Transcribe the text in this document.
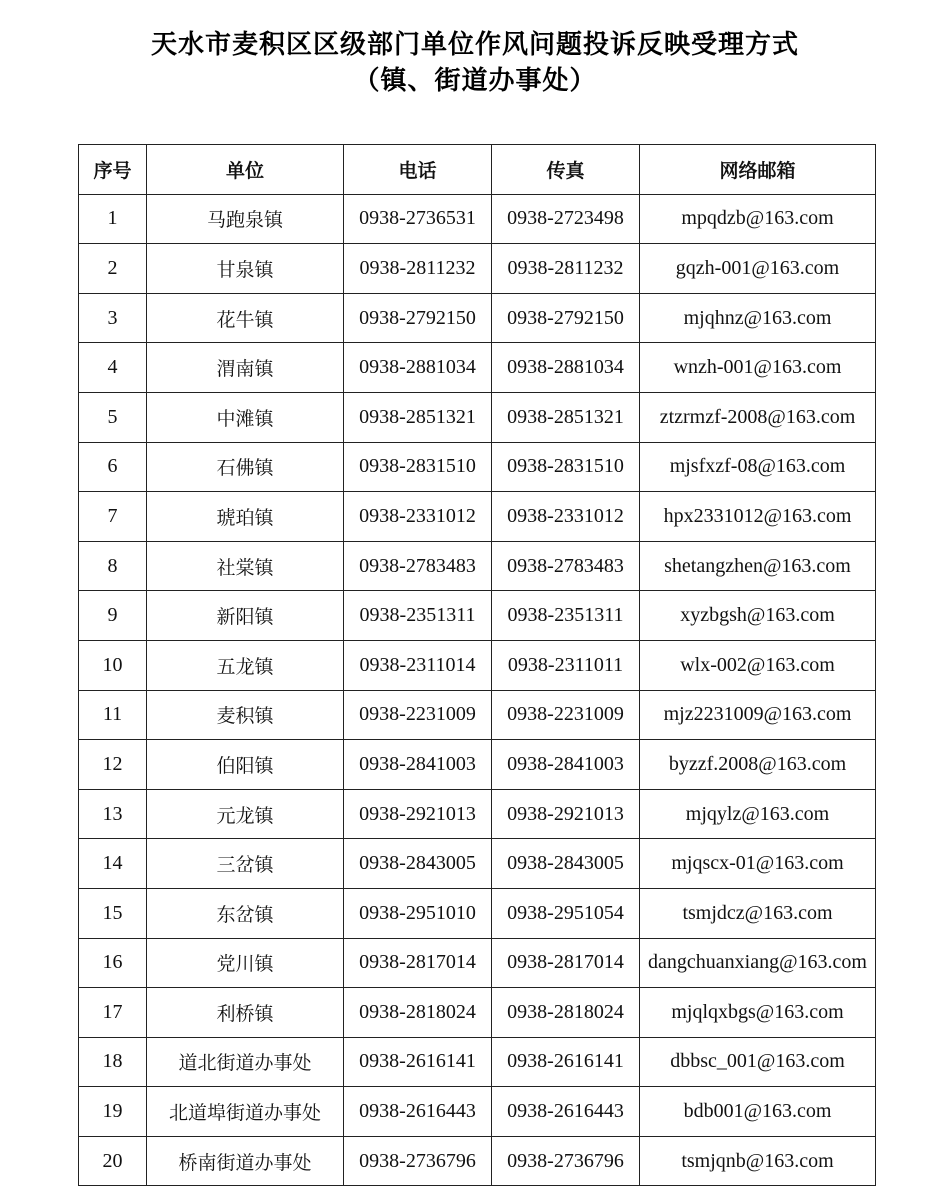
天水市麦积区区级部门单位作风问题投诉反映受理方式
（镇、街道办事处）
序号	单位	电话	传真	网络邮箱
1	马跑泉镇	0938-2736531	0938-2723498	mpqdzb@163.com
2	甘泉镇	0938-2811232	0938-2811232	gqzh-001@163.com
3	花牛镇	0938-2792150	0938-2792150	mjqhnz@163.com
4	渭南镇	0938-2881034	0938-2881034	wnzh-001@163.com
5	中滩镇	0938-2851321	0938-2851321	ztzrmzf-2008@163.com
6	石佛镇	0938-2831510	0938-2831510	mjsfxzf-08@163.com
7	琥珀镇	0938-2331012	0938-2331012	hpx2331012@163.com
8	社棠镇	0938-2783483	0938-2783483	shetangzhen@163.com
9	新阳镇	0938-2351311	0938-2351311	xyzbgsh@163.com
10	五龙镇	0938-2311014	0938-2311011	wlx-002@163.com
11	麦积镇	0938-2231009	0938-2231009	mjz2231009@163.com
12	伯阳镇	0938-2841003	0938-2841003	byzzf.2008@163.com
13	元龙镇	0938-2921013	0938-2921013	mjqylz@163.com
14	三岔镇	0938-2843005	0938-2843005	mjqscx-01@163.com
15	东岔镇	0938-2951010	0938-2951054	tsmjdcz@163.com
16	党川镇	0938-2817014	0938-2817014	dangchuanxiang@163.com
17	利桥镇	0938-2818024	0938-2818024	mjqlqxbgs@163.com
18	道北街道办事处	0938-2616141	0938-2616141	dbbsc_001@163.com
19	北道埠街道办事处	0938-2616443	0938-2616443	bdb001@163.com
20	桥南街道办事处	0938-2736796	0938-2736796	tsmjqnb@163.com
